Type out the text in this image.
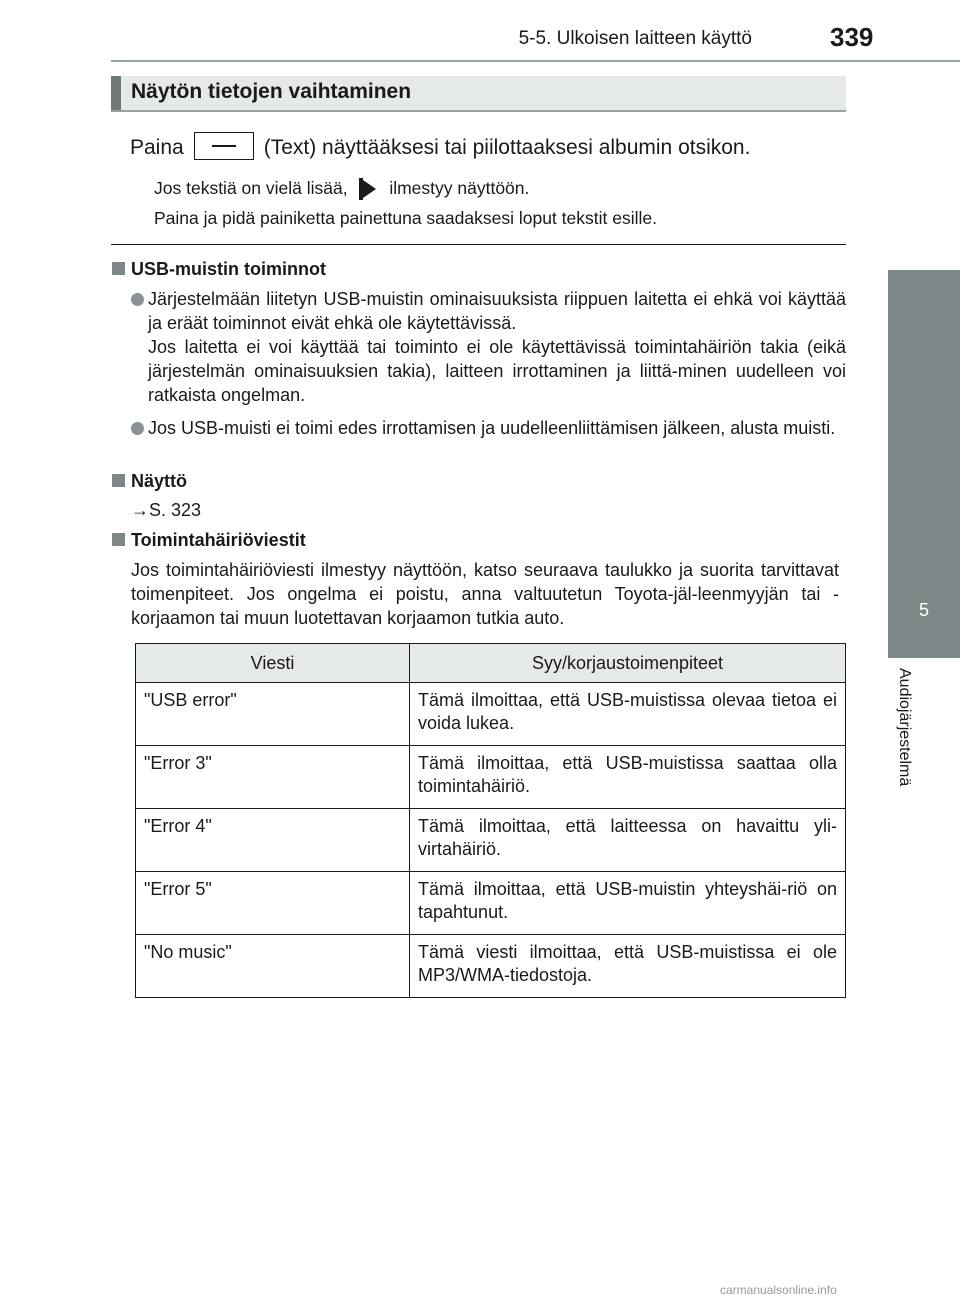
5-5. Ulkoisen laitteen käyttö	339
5
Audiojärjestelmä
Näytön tietojen vaihtaminen
Paina	(Text) näyttääksesi tai piilottaaksesi albumin otsikon.
Jos tekstiä on vielä lisää, ilmestyy näyttöön.
Paina ja pidä painiketta painettuna saadaksesi loput tekstit esille.
USB-muistin toiminnot

Järjestelmään liitetyn USB-muistin ominaisuuksista riippuen laitetta ei ehkä voi käyttää ja eräät toiminnot eivät ehkä ole käytettävissä.

Jos laitetta ei voi käyttää tai toiminto ei ole käytettävissä toimintahäiriön takia (eikä järjestelmän ominaisuuksien takia), laitteen irrottaminen ja liittä-minen uudelleen voi ratkaista ongelman.

Jos USB-muisti ei toimi edes irrottamisen ja uudelleenliittämisen jälkeen, alusta muisti.

Näyttö
→S. 323
Toimintahäiriöviestit

Jos toimintahäiriöviesti ilmestyy näyttöön, katso seuraava taulukko ja suorita tarvittavat toimenpiteet. Jos ongelma ei poistu, anna valtuutetun Toyota-jäl-leenmyyjän tai -korjaamon tai muun luotettavan korjaamon tutkia auto.

Viesti	Syy/korjaustoimenpiteet
"USB error"	Tämä ilmoittaa, että USB-muistissa olevaa tietoa ei voida lukea.
"Error 3"	Tämä ilmoittaa, että USB-muistissa saattaa olla toimintahäiriö.
"Error 4"	Tämä ilmoittaa, että laitteessa on havaittu yli-virtahäiriö.
"Error 5"	Tämä ilmoittaa, että USB-muistin yhteyshäi-riö on tapahtunut.
"No music"	Tämä viesti ilmoittaa, että USB-muistissa ei ole MP3/WMA-tiedostoja.
carmanualsonline.info
